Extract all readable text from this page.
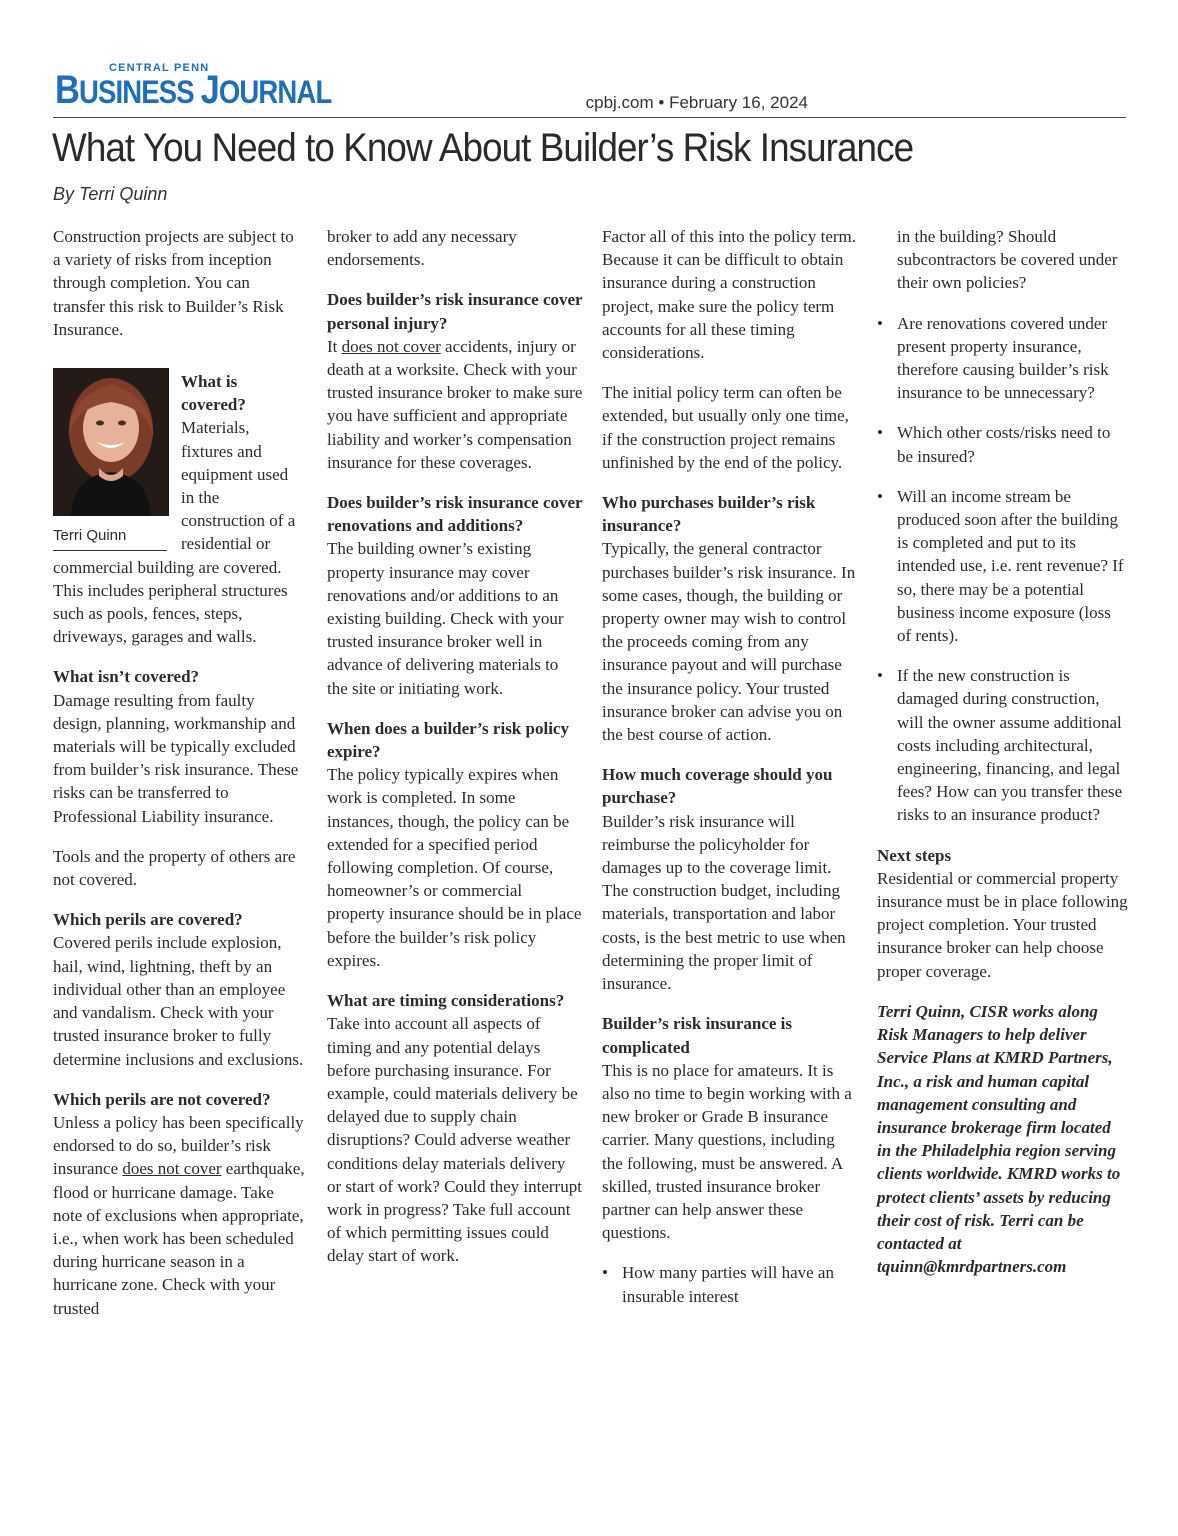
CENTRAL PENN
BUSINESS JOURNAL	cpbj.com • February 16, 2024
What You Need to Know About Builder’s Risk Insurance
By Terri Quinn

Construction projects are subject to a variety of risks from inception through completion. You can transfer this risk to Builder’s Risk Insurance.

Terri Quinn

What is covered?
Materials, fixtures and equipment used in the construction of a residential or commercial building are covered. This includes peripheral structures such as pools, fences, steps, driveways, garages and walls.

What isn’t covered?
Damage resulting from faulty design, planning, workmanship and materials will be typically excluded from builder’s risk insurance. These risks can be transferred to Professional Liability insurance.

Tools and the property of others are not covered.

Which perils are covered?
Covered perils include explosion, hail, wind, lightning, theft by an individual other than an employee and vandalism. Check with your trusted insurance broker to fully determine inclusions and exclusions.

Which perils are not covered?
Unless a policy has been specifically endorsed to do so, builder’s risk insurance does not cover earthquake, flood or hurricane damage. Take note of exclusions when appropriate, i.e., when work has been scheduled during hurricane season in a hurricane zone. Check with your trusted

broker to add any necessary endorsements.

Does builder’s risk insurance cover personal injury?
It does not cover accidents, injury or death at a worksite. Check with your trusted insurance broker to make sure you have sufficient and appropriate liability and worker’s compensation insurance for these coverages.

Does builder’s risk insurance cover renovations and additions?
The building owner’s existing property insurance may cover renovations and/or additions to an existing building. Check with your trusted insurance broker well in advance of delivering materials to the site or initiating work.

When does a builder’s risk policy expire?
The policy typically expires when work is completed. In some instances, though, the policy can be extended for a specified period following completion. Of course, homeowner’s or commercial property insurance should be in place before the builder’s risk policy expires.

What are timing considerations?
Take into account all aspects of timing and any potential delays before purchasing insurance. For example, could materials delivery be delayed due to supply chain disruptions? Could adverse weather conditions delay materials delivery or start of work? Could they interrupt work in progress? Take full account of which permitting issues could delay start of work.

Factor all of this into the policy term. Because it can be difficult to obtain insurance during a construction project, make sure the policy term accounts for all these timing considerations.

The initial policy term can often be extended, but usually only one time, if the construction project remains unfinished by the end of the policy.

Who purchases builder’s risk insurance?
Typically, the general contractor purchases builder’s risk insurance. In some cases, though, the building or property owner may wish to control the proceeds coming from any insurance payout and will purchase the insurance policy. Your trusted insurance broker can advise you on the best course of action.

How much coverage should you purchase?
Builder’s risk insurance will reimburse the policyholder for damages up to the coverage limit. The construction budget, including materials, transportation and labor costs, is the best metric to use when determining the proper limit of insurance.

Builder’s risk insurance is complicated
This is no place for amateurs. It is also no time to begin working with a new broker or Grade B insurance carrier. Many questions, including the following, must be answered. A skilled, trusted insurance broker partner can help answer these questions.

• How many parties will have an insurable interest

in the building? Should subcontractors be covered under their own policies?

• Are renovations covered under present property insurance, therefore causing builder’s risk insurance to be unnecessary?
• Which other costs/risks need to be insured?
• Will an income stream be produced soon after the building is completed and put to its intended use, i.e. rent revenue? If so, there may be a potential business income exposure (loss of rents).
• If the new construction is damaged during construction, will the owner assume additional costs including architectural, engineering, financing, and legal fees? How can you transfer these risks to an insurance product?

Next steps
Residential or commercial property insurance must be in place following project completion. Your trusted insurance broker can help choose proper coverage.

Terri Quinn, CISR works along Risk Managers to help deliver Service Plans at KMRD Partners, Inc., a risk and human capital management consulting and insurance brokerage firm located in the Philadelphia region serving clients worldwide. KMRD works to protect clients’ assets by reducing their cost of risk. Terri can be contacted at tquinn@kmrdpartners.com
